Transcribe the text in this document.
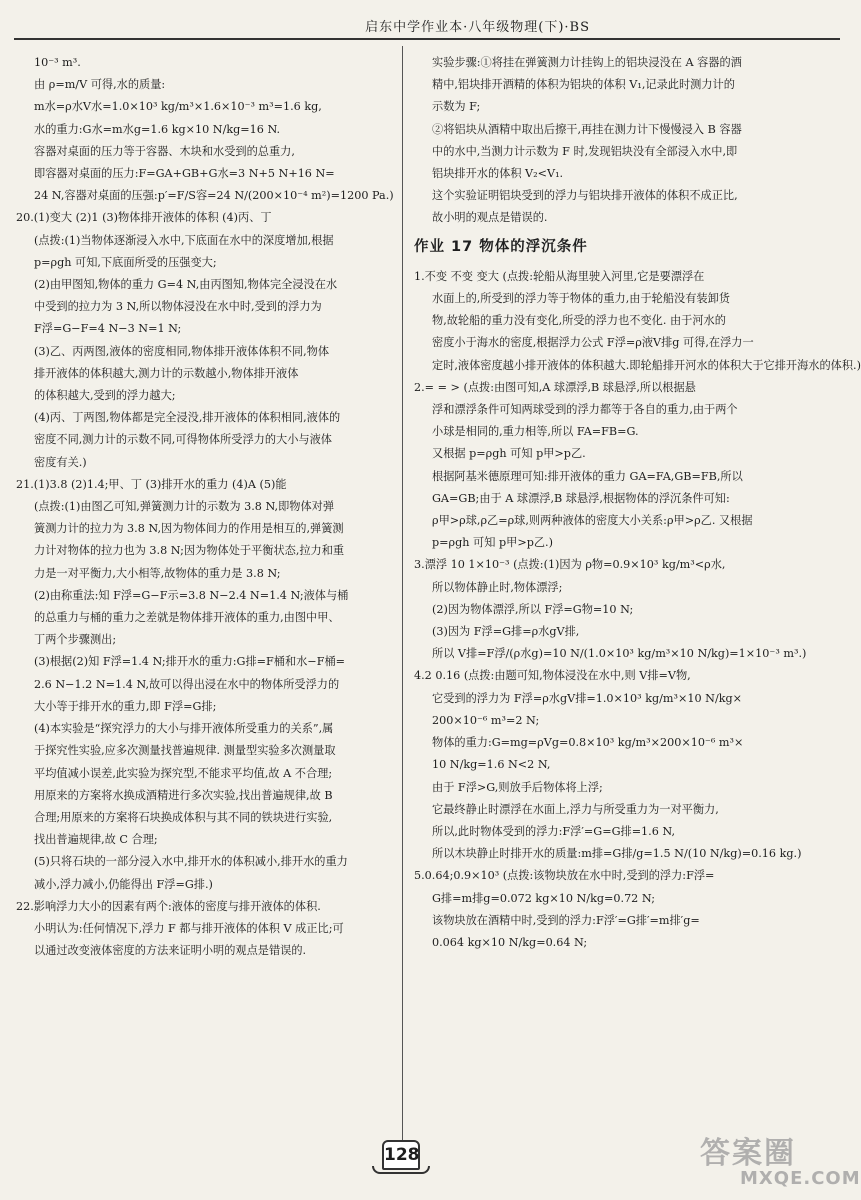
启东中学作业本·八年级物理(下)·BS

10⁻³ m³.

由 ρ=m/V 可得,水的质量:

m水=ρ水V水=1.0×10³ kg/m³×1.6×10⁻³ m³=1.6 kg,

水的重力:G水=m水g=1.6 kg×10 N/kg=16 N.

容器对桌面的压力等于容器、木块和水受到的总重力,

即容器对桌面的压力:F=GA+GB+G水=3 N+5 N+16 N=

24 N,容器对桌面的压强:p′=F/S容=24 N/(200×10⁻⁴ m²)=1200 Pa.)

20.(1)变大 (2)1 (3)物体排开液体的体积 (4)丙、丁

(点拨:(1)当物体逐渐浸入水中,下底面在水中的深度增加,根据

p=ρgh 可知,下底面所受的压强变大;

(2)由甲图知,物体的重力 G=4 N,由丙图知,物体完全浸没在水

中受到的拉力为 3 N,所以物体浸没在水中时,受到的浮力为

F浮=G−F=4 N−3 N=1 N;

(3)乙、丙两图,液体的密度相同,物体排开液体体积不同,物体

排开液体的体积越大,测力计的示数越小,物体排开液体

的体积越大,受到的浮力越大;

(4)丙、丁两图,物体都是完全浸没,排开液体的体积相同,液体的

密度不同,测力计的示数不同,可得物体所受浮力的大小与液体

密度有关.)

21.(1)3.8 (2)1.4;甲、丁 (3)排开水的重力 (4)A (5)能

(点拨:(1)由图乙可知,弹簧测力计的示数为 3.8 N,即物体对弹

簧测力计的拉力为 3.8 N,因为物体间力的作用是相互的,弹簧测

力计对物体的拉力也为 3.8 N;因为物体处于平衡状态,拉力和重

力是一对平衡力,大小相等,故物体的重力是 3.8 N;

(2)由称重法:知 F浮=G−F示=3.8 N−2.4 N=1.4 N;液体与桶

的总重力与桶的重力之差就是物体排开液体的重力,由图中甲、

丁两个步骤测出;

(3)根据(2)知 F浮=1.4 N;排开水的重力:G排=F桶和水−F桶=

2.6 N−1.2 N=1.4 N,故可以得出浸在水中的物体所受浮力的

大小等于排开水的重力,即 F浮=G排;

(4)本实验是“探究浮力的大小与排开液体所受重力的关系”,属

于探究性实验,应多次测量找普遍规律. 测量型实验多次测量取

平均值减小误差,此实验为探究型,不能求平均值,故 A 不合理;

用原来的方案将水换成酒精进行多次实验,找出普遍规律,故 B

合理;用原来的方案将石块换成体积与其不同的铁块进行实验,

找出普遍规律,故 C 合理;

(5)只将石块的一部分浸入水中,排开水的体积减小,排开水的重力

减小,浮力减小,仍能得出 F浮=G排.)

22.影响浮力大小的因素有两个:液体的密度与排开液体的体积.

小明认为:任何情况下,浮力 F 都与排开液体的体积 V 成正比;可

以通过改变液体密度的方法来证明小明的观点是错误的.

实验步骤:①将挂在弹簧测力计挂钩上的铝块浸没在 A 容器的酒

精中,铝块排开酒精的体积为铝块的体积 V₁,记录此时测力计的

示数为 F;

②将铝块从酒精中取出后擦干,再挂在测力计下慢慢浸入 B 容器

中的水中,当测力计示数为 F 时,发现铝块没有全部浸入水中,即

铝块排开水的体积 V₂<V₁.

这个实验证明铝块受到的浮力与铝块排开液体的体积不成正比,

故小明的观点是错误的.

作业 17 物体的浮沉条件

1.不变 不变 变大 (点拨:轮船从海里驶入河里,它是要漂浮在

水面上的,所受到的浮力等于物体的重力,由于轮船没有装卸货

物,故轮船的重力没有变化,所受的浮力也不变化. 由于河水的

密度小于海水的密度,根据浮力公式 F浮=ρ液V排g 可得,在浮力一

定时,液体密度越小排开液体的体积越大.即轮船排开河水的体积大于它排开海水的体积.)

2.= = > (点拨:由图可知,A 球漂浮,B 球悬浮,所以根据悬

浮和漂浮条件可知两球受到的浮力都等于各自的重力,由于两个

小球是相同的,重力相等,所以 FA=FB=G.

又根据 p=ρgh 可知 p甲>p乙.

根据阿基米德原理可知:排开液体的重力 GA=FA,GB=FB,所以

GA=GB;由于 A 球漂浮,B 球悬浮,根据物体的浮沉条件可知:

ρ甲>ρ球,ρ乙=ρ球,则两种液体的密度大小关系:ρ甲>ρ乙. 又根据

p=ρgh 可知 p甲>p乙.)

3.漂浮 10 1×10⁻³ (点拨:(1)因为 ρ物=0.9×10³ kg/m³<ρ水,

所以物体静止时,物体漂浮;

(2)因为物体漂浮,所以 F浮=G物=10 N;

(3)因为 F浮=G排=ρ水gV排,

所以 V排=F浮/(ρ水g)=10 N/(1.0×10³ kg/m³×10 N/kg)=1×10⁻³ m³.)

4.2 0.16 (点拨:由题可知,物体浸没在水中,则 V排=V物,

它受到的浮力为 F浮=ρ水gV排=1.0×10³ kg/m³×10 N/kg×

200×10⁻⁶ m³=2 N;

物体的重力:G=mg=ρVg=0.8×10³ kg/m³×200×10⁻⁶ m³×

10 N/kg=1.6 N<2 N,

由于 F浮>G,则放手后物体将上浮;

它最终静止时漂浮在水面上,浮力与所受重力为一对平衡力,

所以,此时物体受到的浮力:F浮′=G=G排=1.6 N,

所以木块静止时排开水的质量:m排=G排/g=1.5 N/(10 N/kg)=0.16 kg.)

5.0.64;0.9×10³ (点拨:该物块放在水中时,受到的浮力:F浮=

G排=m排g=0.072 kg×10 N/kg=0.72 N;

该物块放在酒精中时,受到的浮力:F浮′=G排′=m排′g=

0.064 kg×10 N/kg=0.64 N;

128	答案圈
MXQE.COM
